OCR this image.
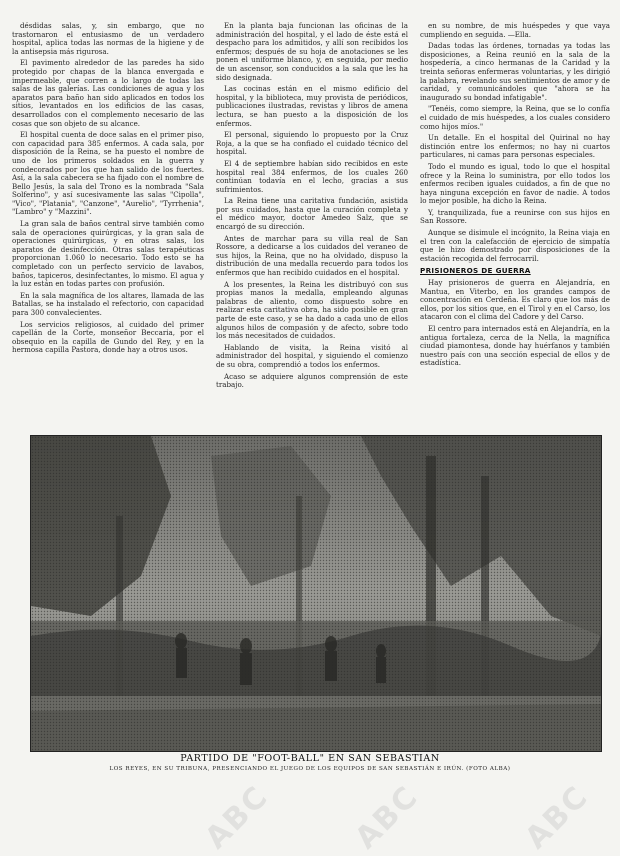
désdidas salas, y, sin embargo, que no trastornaron el entusiasmo de un verdadero hospital, aplica todas las normas de la higiene y de la antisepsia más rigurosa.

El pavimento alrededor de las paredes ha sido protegido por chapas de la blanca envergada e impermeable, que corren a lo largo de todas las salas de las galerías. Las condiciones de agua y los aparatos para baño han sido aplicados en todos los sitios, levantados en los edificios de las casas, desarrollados con el complemento necesario de las cosas que son objeto de su alcance.

El hospital cuenta de doce salas en el primer piso, con capacidad para 385 enfermos. A cada sala, por disposición de la Reina, se ha puesto el nombre de uno de los primeros soldados en la guerra y condecorados por los que han salido de los fuertes. Así, a la sala cabecera se ha fijado con el nombre de Bello Jesús, la sala del Trono es la nombrada "Sala Solferino", y así sucesivamente las salas "Cipolla", "Vico", "Platania", "Canzone", "Aurelio", "Tyrrhenia", "Lambro" y "Mazzini".

La gran sala de baños central sirve también como sala de operaciones quirúrgicas, y la gran sala de operaciones quirúrgicas, y en otras salas, los aparatos de desinfección. Otras salas terapéuticas proporcionan 1.060 lo necesario. Todo esto se ha completado con un perfecto servicio de lavabos, baños, tapiceros, desinfectantes, lo mismo. El agua y la luz están en todas partes con profusión.

En la sala magnífica de los altares, llamada de las Batallas, se ha instalado el refectorio, con capacidad para 300 convalecientes.

Los servicios religiosos, al cuidado del primer capellán de la Corte, monseñor Beccaria, por el obsequio en la capilla de Gundo del Rey, y en la hermosa capilla Pastora, donde hay a otros usos.

En la planta baja funcionan las oficinas de la administración del hospital, y el lado de éste está el despacho para los admitidos, y allí son recibidos los enfermos; después de su hoja de anotaciones se les ponen el uniforme blanco, y, en seguida, por medio de un ascensor, son conducidos a la sala que les ha sido designada.

Las cocinas están en el mismo edificio del hospital, y la biblioteca, muy provista de periódicos, publicaciones ilustradas, revistas y libros de amena lectura, se han puesto a la disposición de los enfermos.

El personal, siguiendo lo propuesto por la Cruz Roja, a la que se ha confiado el cuidado técnico del hospital.

El 4 de septiembre habían sido recibidos en este hospital real 384 enfermos, de los cuales 260 continúan todavía en el lecho, gracias a sus sufrimientos.

La Reina tiene una caritativa fundación, asistida por sus cuidados, hasta que la curación completa y el médico mayor, doctor Amedeo Salz, que se encargó de su dirección.

Antes de marchar para su villa real de San Rossore, a dedicarse a los cuidados del veraneo de sus hijos, la Reina, que no ha olvidado, dispuso la distribución de una medalla recuerdo para todos los enfermos que han recibido cuidados en el hospital.

A los presentes, la Reina les distribuyó con sus propias manos la medalla, empleando algunas palabras de aliento, como dispuesto sobre en realizar esta caritativa obra, ha sido posible en gran parte de este caso, y se ha dado a cada uno de ellos algunos hilos de compasión y de afecto, sobre todo los más necesitados de cuidados.

Hablando de visita, la Reina visitó al administrador del hospital, y siguiendo el comienzo de su obra, comprendió a todos los enfermos.

Acaso se adquiere algunos comprensión de este trabajo.

en su nombre, de mis huéspedes y que vaya cumpliendo en seguida. —Ella.

Dadas todas las órdenes, tornadas ya todas las disposiciones, a Reina reunió en la sala de la hospedería, a cinco hermanas de la Caridad y la treinta señoras enfermeras voluntarias, y les dirigió la palabra, revelando sus sentimientos de amor y de caridad, y comunicándoles que "ahora se ha inaugurado su bondad infatigable".

"Tenéis, como siempre, la Reina, que se lo confía el cuidado de mis huéspedes, a los cuales considero como hijos míos."

Un detalle. En el hospital del Quirinal no hay distinción entre los enfermos; no hay ni cuartos particulares, ni camas para personas especiales.

Todo el mundo es igual, todo lo que el hospital ofrece y la Reina lo suministra, por ello todos los enfermos reciben iguales cuidados, a fin de que no haya ninguna excepción en favor de nadie. A todos lo mejor posible, ha dicho la Reina.

Y, tranquilizada, fue a reunirse con sus hijos en San Rossore.

Aunque se disimule el incógnito, la Reina viaja en el tren con la calefacción de ejercicio de simpatía que le hizo demostrado por disposiciones de la estación recogida del ferrocarril.

PRISIONEROS DE GUERRA

Hay prisioneros de guerra en Alejandría, en Mantua, en Viterbo, en los grandes campos de concentración en Cerdeña. Es claro que los más de ellos, por los sitios que, en el Tirol y en el Carso, los atacaron con el clima del Cadore y del Carso.

El centro para internados está en Alejandría, en la antigua fortaleza, cerca de la Nella, la magnífica ciudad piamontesa, donde hay huérfanos y también nuestro país con una sección especial de ellos y de estadística.

PARTIDO DE "FOOT-BALL" EN SAN SEBASTIAN
LOS REYES, EN SU TRIBUNA, PRESENCIANDO EL JUEGO DE LOS EQUIPOS DE SAN SEBASTIÁN E IRÚN. (FOTO ALBA)
ABC ABC	ABC
